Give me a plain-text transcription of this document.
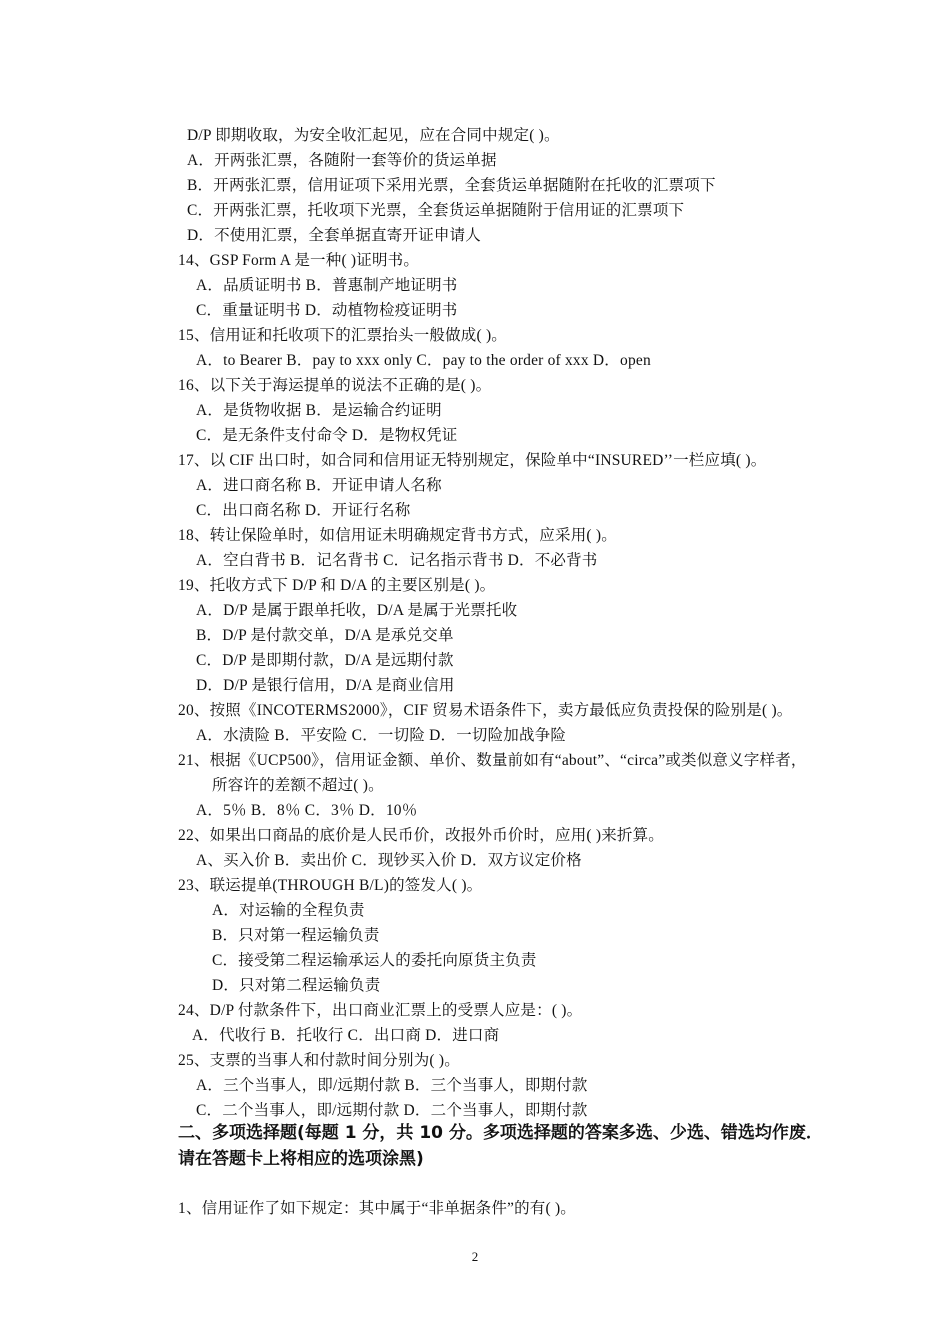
D/P 即期收取，为安全收汇起见，应在合同中规定( )。
A．开两张汇票，各随附一套等价的货运单据
B．开两张汇票，信用证项下采用光票，全套货运单据随附在托收的汇票项下
C．开两张汇票，托收项下光票，全套货运单据随附于信用证的汇票项下
D．不使用汇票，全套单据直寄开证申请人
14、GSP Form A 是一种( )证明书。
A．品质证明书 B．普惠制产地证明书
C．重量证明书 D．动植物检疫证明书
15、信用证和托收项下的汇票抬头一般做成( )。
A．to Bearer B．pay to xxx only C．pay to the order of xxx D．open
16、以下关于海运提单的说法不正确的是( )。
A．是货物收据 B．是运输合约证明
C．是无条件支付命令 D．是物权凭证
17、以 CIF 出口时，如合同和信用证无特别规定，保险单中“INSURED’’一栏应填( )。
A．进口商名称 B．开证申请人名称
C．出口商名称 D．开证行名称
18、转让保险单时，如信用证未明确规定背书方式，应采用( )。
A．空白背书 B．记名背书 C．记名指示背书 D．不必背书
19、托收方式下 D/P 和 D/A 的主要区别是( )。
A．D/P 是属于跟单托收，D/A 是属于光票托收
B．D/P 是付款交单，D/A 是承兑交单
C．D/P 是即期付款，D/A 是远期付款
D．D/P 是银行信用，D/A 是商业信用
20、按照《INCOTERMS2000》，CIF 贸易术语条件下，卖方最低应负责投保的险别是( )。
A．水渍险 B．平安险 C．一切险 D．一切险加战争险
21、根据《UCP500》，信用证金额、单价、数量前如有“about”、“circa”或类似意义字样者，
所容许的差额不超过( )。
A．5％ B．8％ C．3％ D．10％
22、如果出口商品的底价是人民币价，改报外币价时，应用( )来折算。
A、买入价 B．卖出价 C．现钞买入价 D．双方议定价格
23、联运提单(THROUGH B/L)的签发人( )。
A．对运输的全程负责
B．只对第一程运输负责
C．接受第二程运输承运人的委托向原货主负责
D．只对第二程运输负责
24、D/P 付款条件下，出口商业汇票上的受票人应是：( )。
A．代收行 B．托收行 C．出口商 D．进口商
25、支票的当事人和付款时间分别为( )。
A．三个当事人，即/远期付款 B．三个当事人，即期付款
C．二个当事人，即/远期付款 D．二个当事人，即期付款
二、多项选择题(每题 1 分，共 10 分。多项选择题的答案多选、少选、错选均作废．
请在答题卡上将相应的选项涂黑)
1、信用证作了如下规定：其中属于“非单据条件”的有( )。
2
